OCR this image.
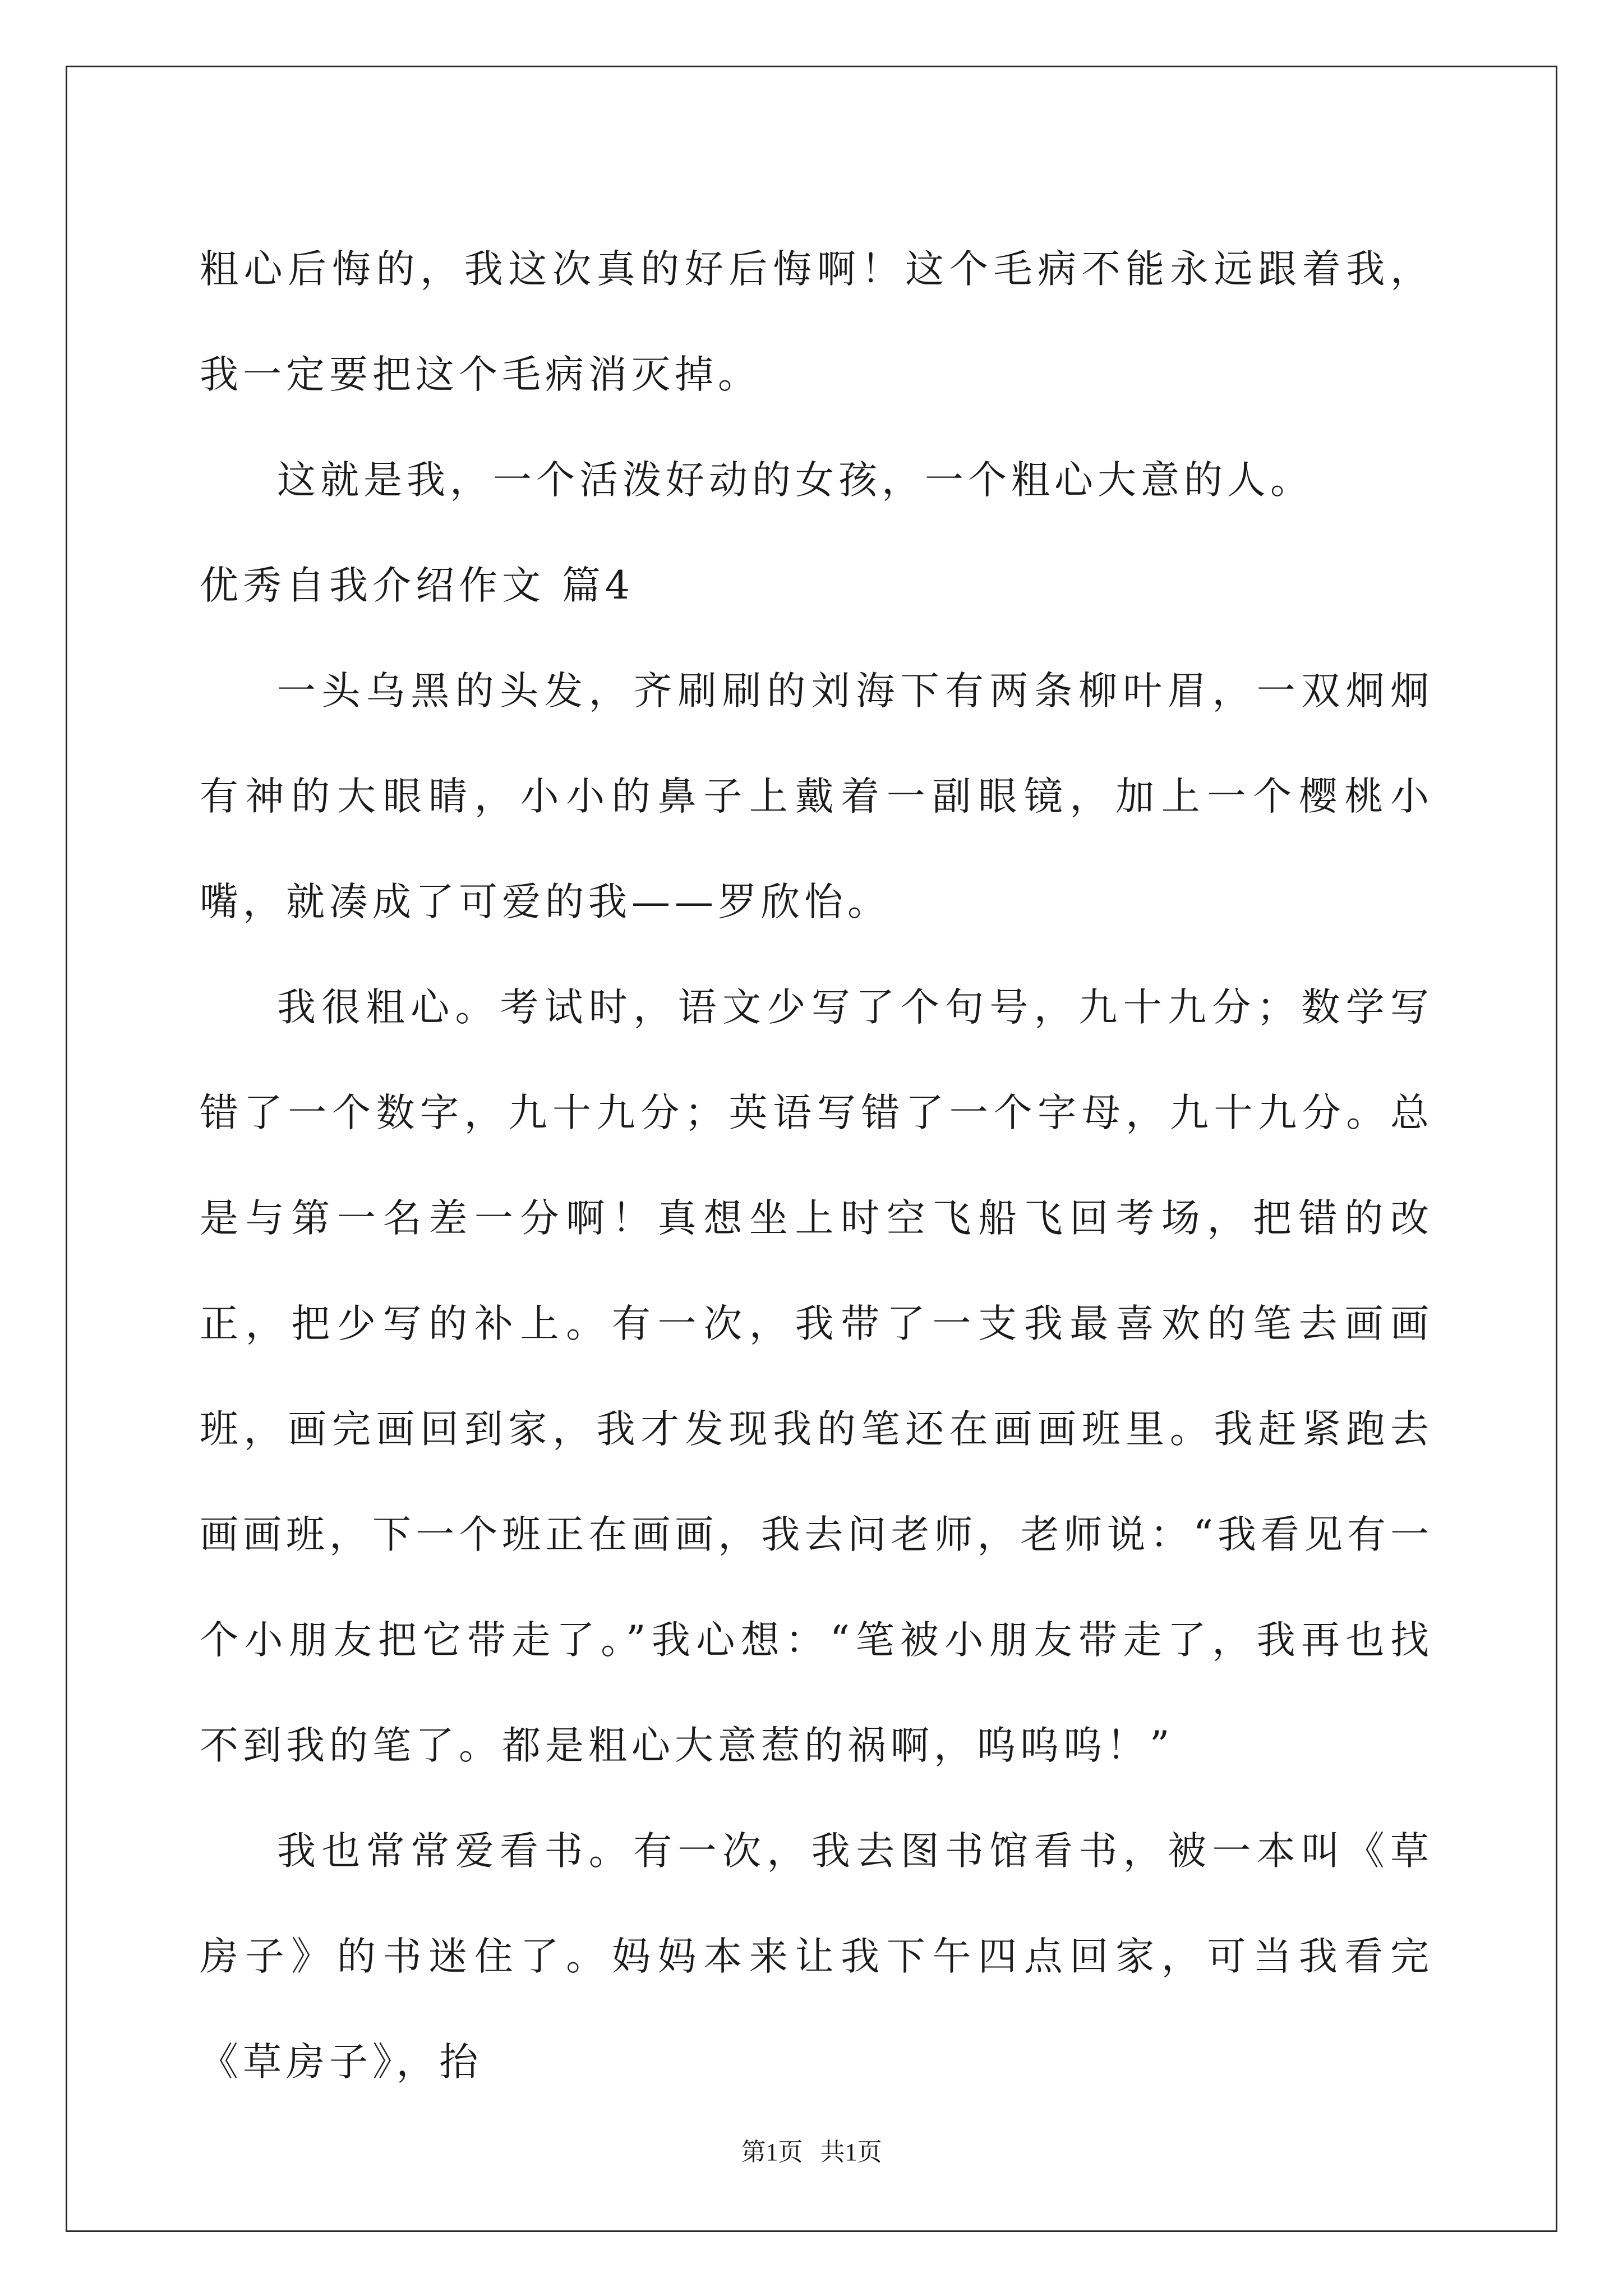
粗心后悔的，我这次真的好后悔啊！这个毛病不能永远跟着我，我一定要把这个毛病消灭掉。

这就是我，一个活泼好动的女孩，一个粗心大意的人。

优秀自我介绍作文 篇4

一头乌黑的头发，齐刷刷的刘海下有两条柳叶眉，一双炯炯有神的大眼睛，小小的鼻子上戴着一副眼镜，加上一个樱桃小嘴，就凑成了可爱的我——罗欣怡。

我很粗心。考试时，语文少写了个句号，九十九分；数学写错了一个数字，九十九分；英语写错了一个字母，九十九分。总是与第一名差一分啊！真想坐上时空飞船飞回考场，把错的改正，把少写的补上。有一次，我带了一支我最喜欢的笔去画画班，画完画回到家，我才发现我的笔还在画画班里。我赶紧跑去画画班，下一个班正在画画，我去问老师，老师说：“我看见有一个小朋友把它带走了。”我心想：“笔被小朋友带走了，我再也找不到我的笔了。都是粗心大意惹的祸啊，呜呜呜！”

我也常常爱看书。有一次，我去图书馆看书，被一本叫《草房子》的书迷住了。妈妈本来让我下午四点回家，可当我看完《草房子》，抬

第1页 共1页
